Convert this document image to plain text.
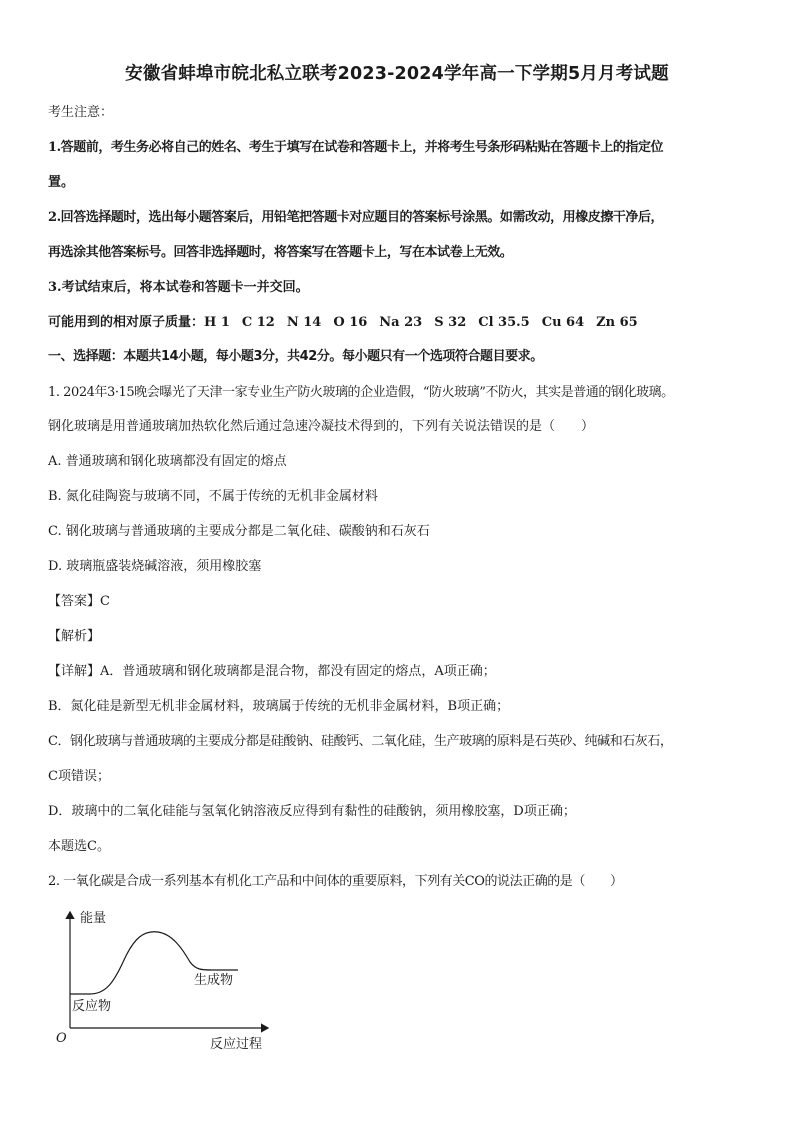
安徽省蚌埠市皖北私立联考2023-2024学年高一下学期5月月考试题
考生注意：
1.答题前，考生务必将自己的姓名、考生于填写在试卷和答题卡上，并将考生号条形码粘贴在答题卡上的指定位
置。
2.回答选择题时，选出每小题答案后，用铅笔把答题卡对应题目的答案标号涂黑。如需改动，用橡皮擦干净后，
再选涂其他答案标号。回答非选择题时，将答案写在答题卡上，写在本试卷上无效。
3.考试结束后，将本试卷和答题卡一并交回。
可能用到的相对原子质量：H 1 C 12 N 14 O 16 Na 23 S 32 Cl 35.5 Cu 64 Zn 65
一、选择题：本题共14小题，每小题3分，共42分。每小题只有一个选项符合题目要求。
1. 2024年3·15晚会曝光了天津一家专业生产防火玻璃的企业造假，“防火玻璃”不防火，其实是普通的钢化玻璃。
钢化玻璃是用普通玻璃加热软化然后通过急速冷凝技术得到的，下列有关说法错误的是（　　）
A. 普通玻璃和钢化玻璃都没有固定的熔点
B. 氮化硅陶瓷与玻璃不同，不属于传统的无机非金属材料
C. 钢化玻璃与普通玻璃的主要成分都是二氧化硅、碳酸钠和石灰石
D. 玻璃瓶盛装烧碱溶液，须用橡胶塞
【答案】C
【解析】
【详解】A．普通玻璃和钢化玻璃都是混合物，都没有固定的熔点，A项正确；
B．氮化硅是新型无机非金属材料，玻璃属于传统的无机非金属材料，B项正确；
C．钢化玻璃与普通玻璃的主要成分都是硅酸钠、硅酸钙、二氧化硅，生产玻璃的原料是石英砂、纯碱和石灰石，
C项错误；
D．玻璃中的二氧化硅能与氢氧化钠溶液反应得到有黏性的硅酸钠，须用橡胶塞，D项正确；
本题选C。
2. 一氧化碳是合成一系列基本有机化工产品和中间体的重要原料，下列有关CO的说法正确的是（　　）
能量
反应过程
O
反应物
生成物
